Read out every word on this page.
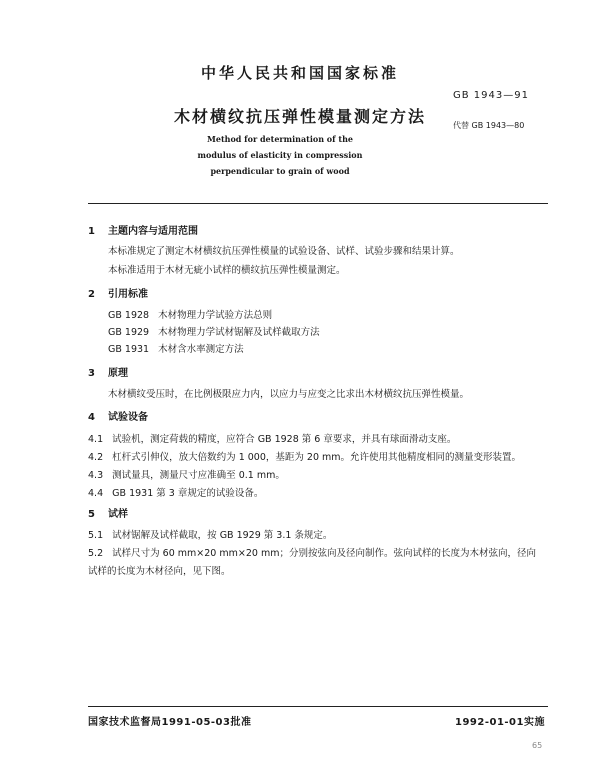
中华人民共和国国家标准
GB 1943—91
木材横纹抗压弹性模量测定方法	代替 GB 1943—80
Method for determination of the
modulus of elasticity in compression
perpendicular to grain of wood
1 主题内容与适用范围
本标准规定了测定木材横纹抗压弹性模量的试验设备、试样、试验步骤和结果计算。
本标准适用于木材无疵小试样的横纹抗压弹性模量测定。
2 引用标准
GB 1928   木材物理力学试验方法总则
GB 1929   木材物理力学试材锯解及试样截取方法
GB 1931   木材含水率测定方法
3 原理
木材横纹受压时，在比例极限应力内，以应力与应变之比求出木材横纹抗压弹性模量。
4 试验设备
4.1   试验机，测定荷载的精度，应符合 GB 1928 第 6 章要求，并具有球面滑动支座。
4.2   杠杆式引伸仪，放大倍数约为 1 000，基距为 20 mm。允许使用其他精度相同的测量变形装置。
4.3   测试量具，测量尺寸应准确至 0.1 mm。
4.4   GB 1931 第 3 章规定的试验设备。
5 试样
5.1   试材锯解及试样截取，按 GB 1929 第 3.1 条规定。
5.2   试样尺寸为 60 mm×20 mm×20 mm；分别按弦向及径向制作。弦向试样的长度为木材弦向，径向
试样的长度为木材径向，见下图。
国家技术监督局1991-05-03批准	1992-01-01实施
65
